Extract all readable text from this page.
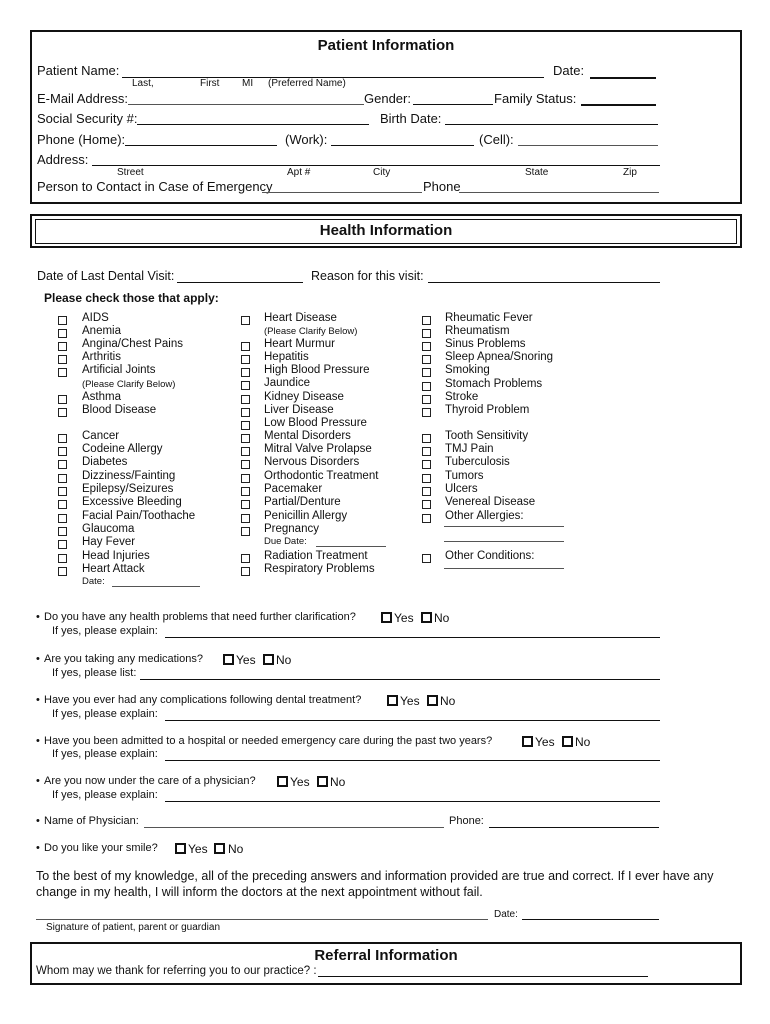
Patient Information
Patient Name:	Date:
Last,	First MI (Preferred Name)
E-Mail Address:	Gender:	Family Status:
Social Security #:	Birth Date:
Phone (Home):	(Work):	(Cell):
Address:
Street	Apt #	City	State	Zip
Person to Contact in Case of Emergency	Phone
Health Information
Date of Last Dental Visit:	Reason for this visit:
Please check those that apply:
To the best of my knowledge, all of the preceding answers and information provided are true and correct. If I ever have any change in my health, I will inform the doctors at the next appointment without fail.
Date:
Signature of patient, parent or guardian
Referral Information
Whom may we thank for referring you to our practice? :
AIDS
Anemia
Angina/Chest Pains
Arthritis
Artificial Joints
(Please Clarify Below)
Asthma
Blood Disease
Cancer
Codeine Allergy
Diabetes
Dizziness/Fainting
Epilepsy/Seizures
Excessive Bleeding
Facial Pain/Toothache
Glaucoma
Hay Fever
Head Injuries
Heart Attack
Date:
Heart Disease
(Please Clarify Below)
Heart Murmur
Hepatitis
High Blood Pressure
Jaundice
Kidney Disease
Liver Disease
Low Blood Pressure
Mental Disorders
Mitral Valve Prolapse
Nervous Disorders
Orthodontic Treatment
Pacemaker
Partial/Denture
Penicillin Allergy
Pregnancy
Due Date:
Radiation Treatment
Respiratory Problems
Rheumatic Fever
Rheumatism
Sinus Problems
Sleep Apnea/Snoring
Smoking
Stomach Problems
Stroke
Thyroid Problem
Tooth Sensitivity
TMJ Pain
Tuberculosis
Tumors
Ulcers
Venereal Disease
Other Allergies:
Other Conditions:
• Do you have any health problems that need further clarification?	Yes No
If yes, please explain:
• Are you taking any medications?	Yes No
If yes, please list:
• Have you ever had any complications following dental treatment?	Yes No
If yes, please explain:
• Have you been admitted to a hospital or needed emergency care during the past two years?	Yes No
If yes, please explain:
• Are you now under the care of a physician?	Yes No
If yes, please explain:
• Name of Physician:	Phone:
• Do you like your smile?	Yes No
